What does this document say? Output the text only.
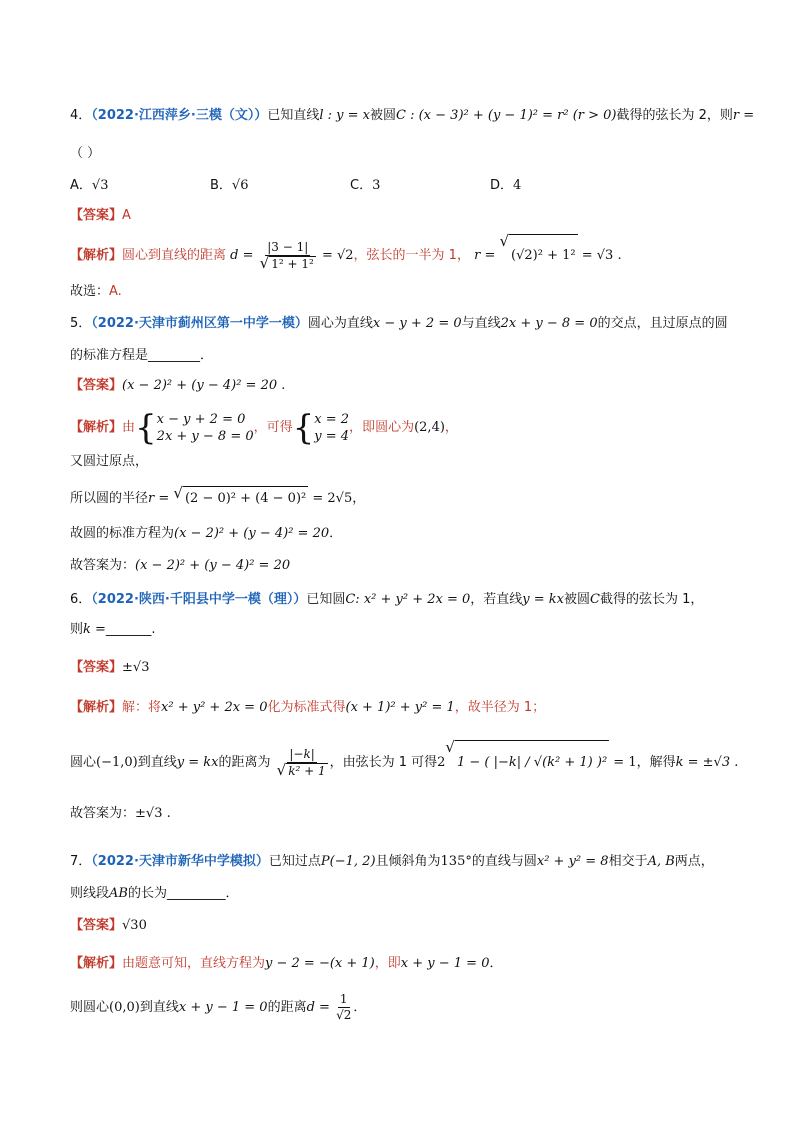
4．（2022·江西萍乡·三模（文））已知直线l : y = x被圆C : (x − 3)² + (y − 1)² = r² (r > 0)截得的弦长为 2，则r =
（ ）
A．√3	B．√6	C．3	D．4
【答案】A
【解析】圆心到直线的距离 $d = \frac{|3 - 1|}{\text{√ 1² + 1²}} = √2$，弦长的一半为 1， r =
√
(√2)² + 1² = √3 .
故选：A.
5．（2022·天津市蓟州区第一中学一模）圆心为直线x − y + 2 = 0与直线2x + y − 8 = 0的交点，且过原点的圆
的标准方程是________．
【答案】(x − 2)² + (y − 4)² = 20 .
【解析】由 { x − y + 2 = 0
2x + y − 8 = 0
，可得 { x = 2
y = 4
，即圆心为(2,4)，
又圆过原点，
所以圆的半径r = √ (2 − 0)² + (4 − 0)² = 2√5，
故圆的标准方程为(x − 2)² + (y − 4)² = 20．
故答案为：(x − 2)² + (y − 4)² = 20
6．（2022·陕西·千阳县中学一模（理））已知圆C: x² + y² + 2x = 0，若直线y = kx被圆C截得的弦长为 1，
则k =_______.
【答案】±√3
【解析】解：将x² + y² + 2x = 0化为标准式得(x + 1)² + y² = 1，故半径为 1；
圆心(−1,0)到直线y = kx的距离为 $\frac{|-k|}{\text{√ k² + 1}}$ ，由弦长为 1 可得2
√
1 − ( |−k| / √(k² + 1) )² = 1，解得k = ±√3 .
故答案为：±√3 .
7．（2022·天津市新华中学模拟）已知过点P(−1, 2)且倾斜角为135°的直线与圆x² + y² = 8相交于A, B两点，
则线段AB的长为_________．
【答案】√30
【解析】由题意可知，直线方程为y − 2 = −(x + 1)，即x + y − 1 = 0．
则圆心(0,0)到直线x + y − 1 = 0的距离$d = \frac{1}{√2}$ ．
